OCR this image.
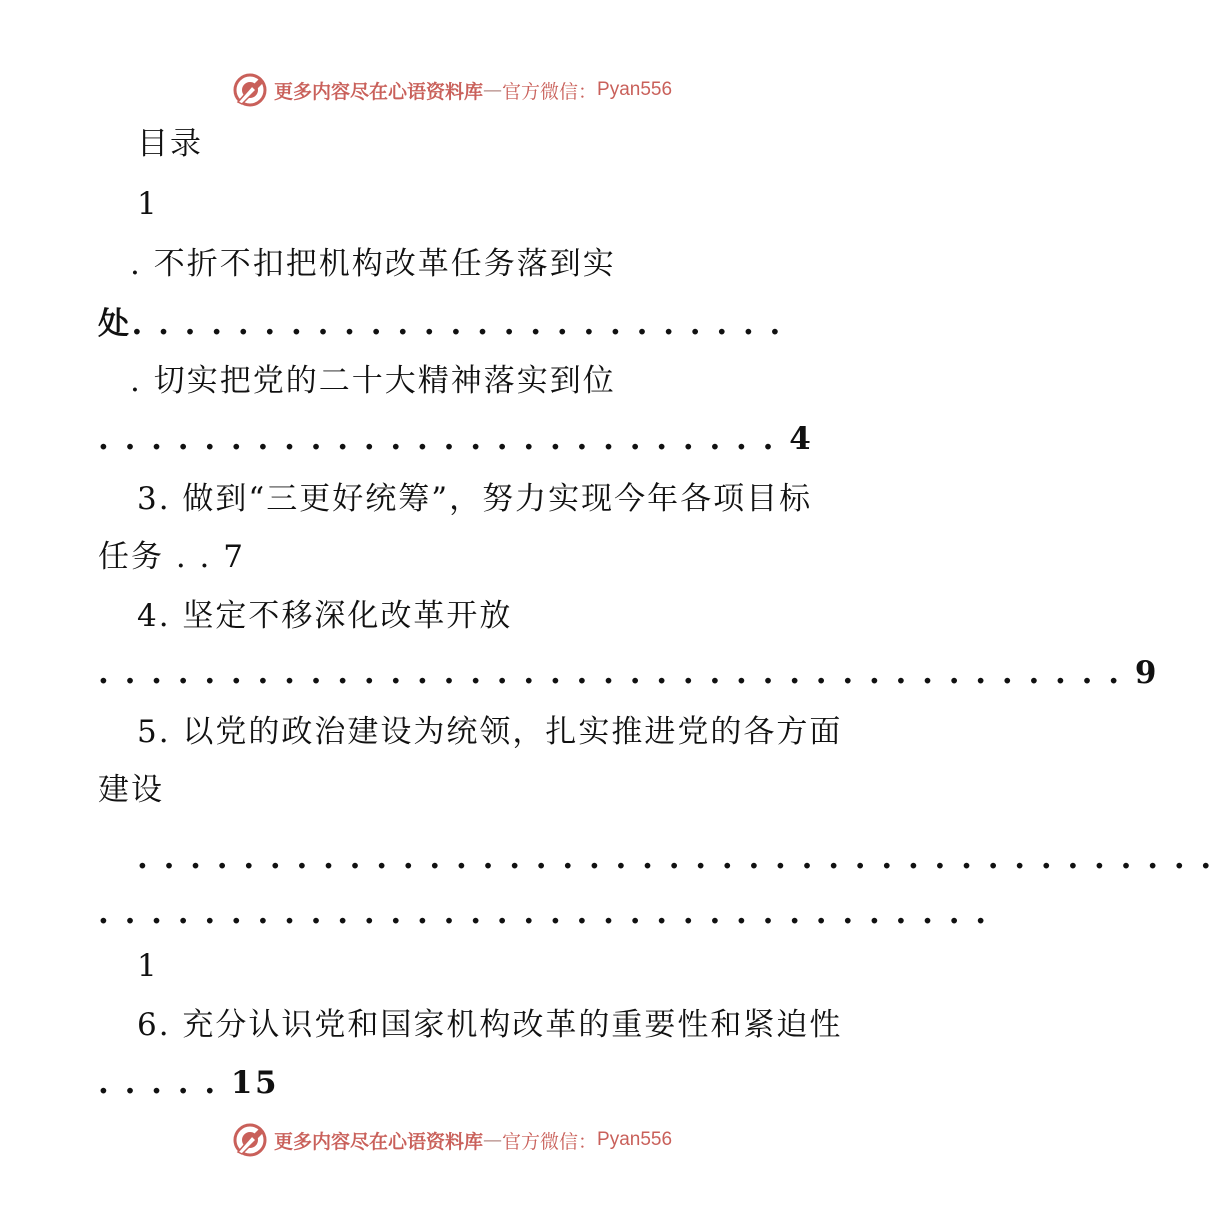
更多内容尽在心语资料库 — 官方微信： Pyan556
目录
1
. 不折不扣把机构改革任务落到实
处. . . . . . . . . . . . . . . . . . . . . . . . .
. 切实把党的二十大精神落实到位
. . . . . . . . . . . . . . . . . . . . . . . . . . 4
3. 做到“三更好统筹”，努力实现今年各项目标
任务 . . 7
4. 坚定不移深化改革开放
. . . . . . . . . . . . . . . . . . . . . . . . . . . . . . . . . . . . . . . 9
5. 以党的政治建设为统领，扎实推进党的各方面
建设
. . . . . . . . . . . . . . . . . . . . . . . . . . . . . . . . . . . . . . . . .
. . . . . . . . . . . . . . . . . . . . . . . . . . . . . . . . . .
1
6. 充分认识党和国家机构改革的重要性和紧迫性
. . . . . 15
更多内容尽在心语资料库 — 官方微信： Pyan556
